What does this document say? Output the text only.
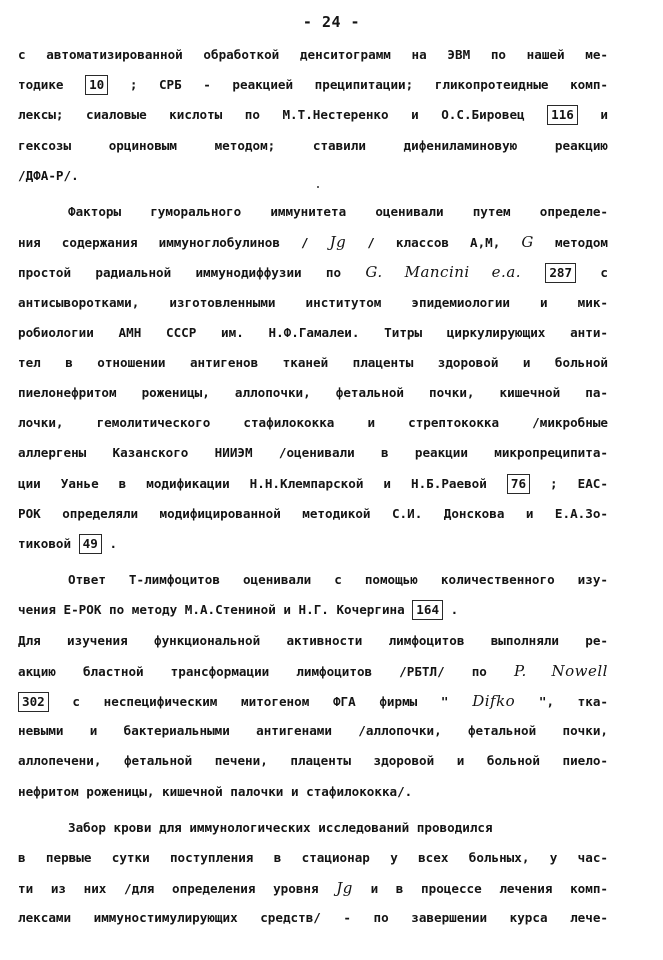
- 24 -
с автоматизированной обработкой денситограмм на ЭВМ по нашей ме-
тодике 10 ; СРБ - реакцией преципитации; гликопротеидные комп-
лексы; сиаловые кислоты по М.Т.Нестеренко и О.С.Бировец 116 и
гексозы орциновым методом; ставили дифениламиновую реакцию
/ДФА-Р/.
Факторы гуморального иммунитета оценивали путем определе-
ния содержания иммуноглобулинов / Jg / классов А,М, G методом
простой радиальной иммунодиффузии по G. Mancini e.a. 287 с
антисыворотками, изготовленными институтом эпидемиологии и мик-
робиологии АМН СССР им. Н.Ф.Гамалеи. Титры циркулирующих анти-
тел в отношении антигенов тканей плаценты здоровой и больной
пиелонефритом роженицы, аллопочки, фетальной почки, кишечной па-
лочки, гемолитического стафилококка и стрептококка /микробные
аллергены Казанского НИИЭМ /оценивали в реакции микропреципита-
ции Уанье в модификации Н.Н.Клемпарской и Н.Б.Раевой 76 ; ЕАС-
РОК определяли модифицированной методикой С.И. Донскова и Е.А.Зо-
тиковой 49 .
Ответ Т-лимфоцитов оценивали с помощью количественного изу-
чения Е-РОК по методу М.А.Стениной и Н.Г. Кочергина 164 .
Для изучения функциональной активности лимфоцитов выполняли ре-
акцию бластной трансформации лимфоцитов /РБТЛ/ по P. Nowell
302 с неспецифическим митогеном ФГА фирмы " Difko ", тка-
невыми и бактериальными антигенами /аллопочки, фетальной почки,
аллопечени, фетальной печени, плаценты здоровой и больной пиело-
нефритом роженицы, кишечной палочки и стафилококка/.
Забор крови для иммунологических исследований проводился
в первые сутки поступления в стационар у всех больных, у час-
ти из них /для определения уровня Jg и в процессе лечения комп-
лексами иммуностимулирующих средств/ - по завершении курса лече-
